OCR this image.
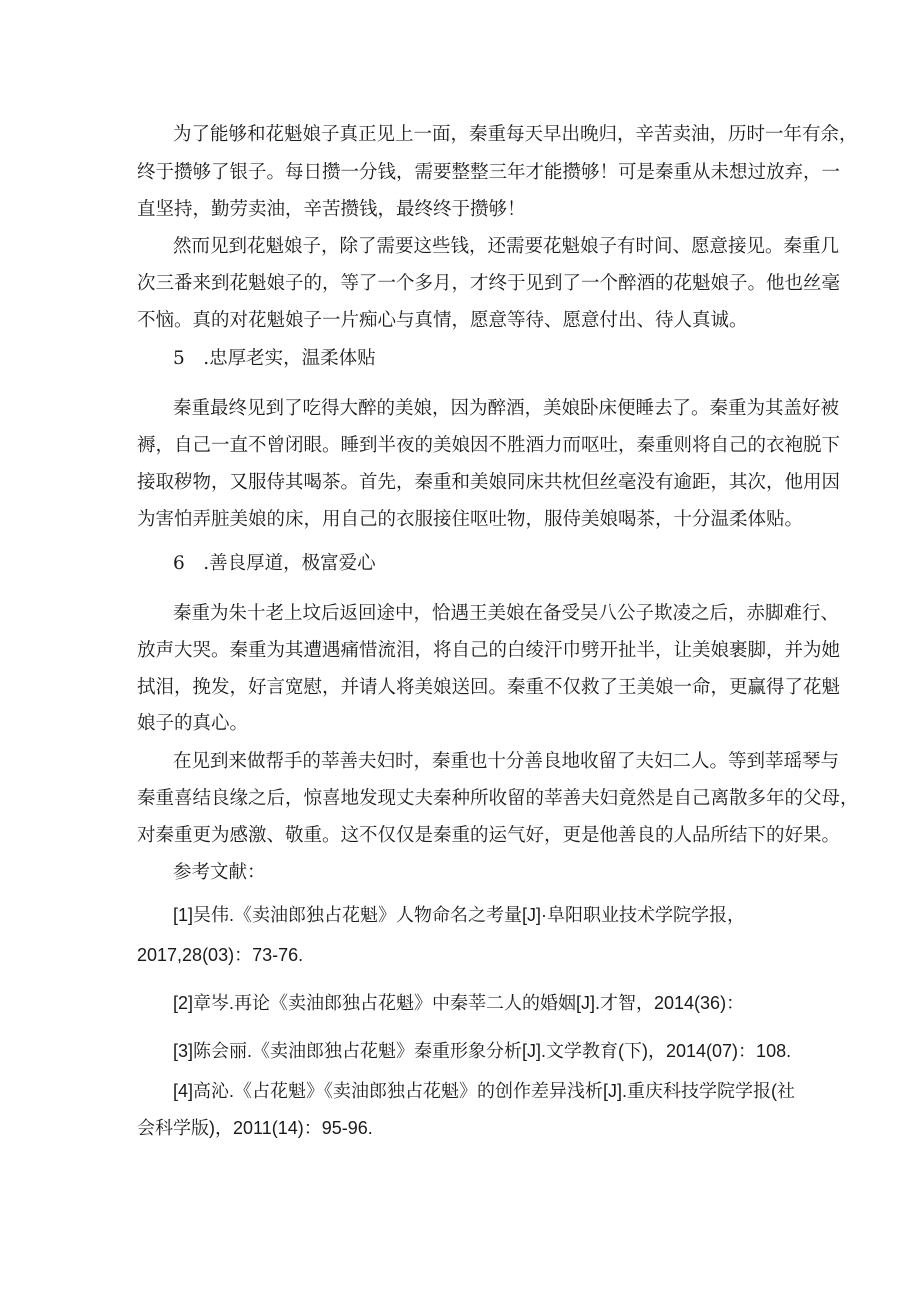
为了能够和花魁娘子真正见上一面，秦重每天早出晚归，辛苦卖油，历时一年有余，
终于攒够了银子。每日攒一分钱，需要整整三年才能攒够！可是秦重从未想过放弃，一
直坚持，勤劳卖油，辛苦攒钱，最终终于攒够！
然而见到花魁娘子，除了需要这些钱，还需要花魁娘子有时间、愿意接见。秦重几
次三番来到花魁娘子的，等了一个多月，才终于见到了一个醉酒的花魁娘子。他也丝毫
不恼。真的对花魁娘子一片痴心与真情，愿意等待、愿意付出、待人真诚。
5　.忠厚老实，温柔体贴
秦重最终见到了吃得大醉的美娘，因为醉酒，美娘卧床便睡去了。秦重为其盖好被
褥，自己一直不曾闭眼。睡到半夜的美娘因不胜酒力而呕吐，秦重则将自己的衣袍脱下
接取秽物，又服侍其喝茶。首先，秦重和美娘同床共枕但丝毫没有逾距，其次，他用因
为害怕弄脏美娘的床，用自己的衣服接住呕吐物，服侍美娘喝茶，十分温柔体贴。
6　.善良厚道，极富爱心
秦重为朱十老上坟后返回途中，恰遇王美娘在备受吴八公子欺凌之后，赤脚难行、
放声大哭。秦重为其遭遇痛惜流泪，将自己的白绫汗巾劈开扯半，让美娘裹脚，并为她
拭泪，挽发，好言宽慰，并请人将美娘送回。秦重不仅救了王美娘一命，更赢得了花魁
娘子的真心。
在见到来做帮手的莘善夫妇时，秦重也十分善良地收留了夫妇二人。等到莘瑶琴与
秦重喜结良缘之后，惊喜地发现丈夫秦种所收留的莘善夫妇竟然是自己离散多年的父母，
对秦重更为感激、敬重。这不仅仅是秦重的运气好，更是他善良的人品所结下的好果。
参考文献：
[1]吴伟.《卖油郎独占花魁》人物命名之考量[J]·阜阳职业技术学院学报，
2017,28(03)：73-76.
[2]章岑.再论《卖油郎独占花魁》中秦莘二人的婚姻[J].才智，2014(36)：
[3]陈会丽.《卖油郎独占花魁》秦重形象分析[J].文学教育(下)，2014(07)：108.
[4]高沁.《占花魁》《卖油郎独占花魁》的创作差异浅析[J].重庆科技学院学报(社
会科学版)，2011(14)：95-96.
